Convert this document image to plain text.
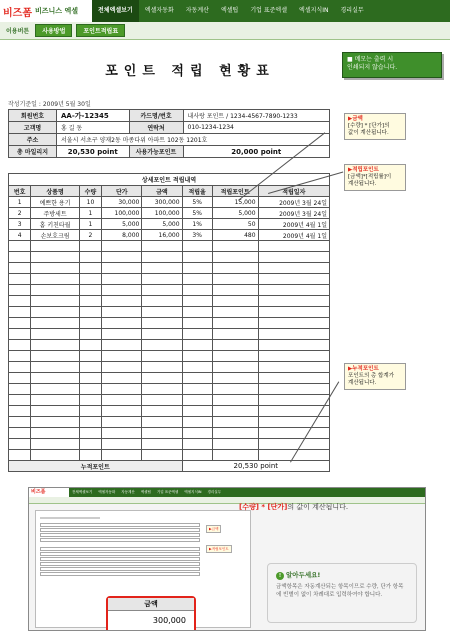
비즈폼 비즈니스 엑셀	전체엑셀보기	엑셀자동화	자동계산	엑셀팁	기업 표준엑셀	엑셀지식IN	경리실무
이용버튼	사용방법	포인트적립표
포인트 적립 현황표
■ 메모는 출력 시
인쇄되지 않습니다.
작성기준일 : 2009년 5월 30일
회원번호	AA-가-12345	카드명/번호	내사랑 포인트 / 1234-4567-7890-1233
고객명	홍 길 동	연락처	010-1234-1234
주소	서울시 서초구 양재2동 마종다위 아파트 102동 1201호		
총 마일리지	20,530 point	사용가능포인트	20,000 point
상세포인트 적립내역							
번호	상품명	수량	단가	금액	적립율	적립포인트	적립일자
1	예쁘한 용기	10	30,000	300,000	5%	15,000	2009년 3월 24일
2	주방세트	1	100,000	100,000	5%	5,000	2009년 3월 24일
3	홈 키친타월	1	5,000	5,000	1%	50	2009년 4월 1일
4	손보호크림	2	8,000	16,000	3%	480	2009년 4월 1일

누적포인트					20,530 point		
▶금액
[수량] * [단가]의
값이 계산됩니다.
▶적립포인트
[금액]*[적립률]이
계산됩니다.
▶누적포인트
포인트의 총 합계가
계산됩니다.
비즈폼	전체엑셀보기	엑셀자동화	자동계산	엑셀팁	기업 표준엑셀	엑셀지식IN	경리실무
▶금액
▶적립포인트
금액
300,000
[수량] * [단가]의 값이 계산됩니다.
! 알아두세요!
금액항목은 자동계산되는 항목이므로 수량, 단가 항목에 빈별이 없이 차례대로 입력하여야 합니다.
